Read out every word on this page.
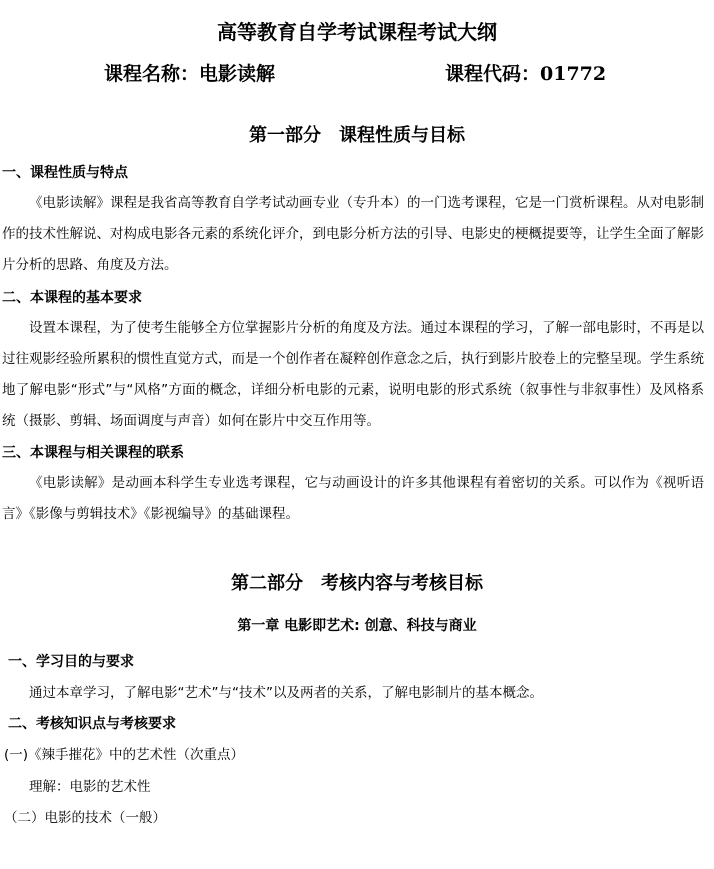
高等教育自学考试课程考试大纲
课程名称：电影读解	课程代码：01772
第一部分　课程性质与目标
一、课程性质与特点
《电影读解》课程是我省高等教育自学考试动画专业（专升本）的一门选考课程，它是一门赏析课程。从对电影制作的技术性解说、对构成电影各元素的系统化评介，到电影分析方法的引导、电影史的梗概提要等，让学生全面了解影片分析的思路、角度及方法。
二、本课程的基本要求
设置本课程，为了使考生能够全方位掌握影片分析的角度及方法。通过本课程的学习，了解一部电影时，不再是以过往观影经验所累积的惯性直觉方式，而是一个创作者在凝粹创作意念之后，执行到影片胶卷上的完整呈现。学生系统地了解电影“形式”与“风格”方面的概念，详细分析电影的元素，说明电影的形式系统（叙事性与非叙事性）及风格系统（摄影、剪辑、场面调度与声音）如何在影片中交互作用等。
三、本课程与相关课程的联系
《电影读解》是动画本科学生专业选考课程，它与动画设计的许多其他课程有着密切的关系。可以作为《视听语言》《影像与剪辑技术》《影视编导》的基础课程。
第二部分　考核内容与考核目标
第一章 电影即艺术: 创意、科技与商业
一、学习目的与要求
通过本章学习，了解电影“艺术”与“技术”以及两者的关系，了解电影制片的基本概念。
二、考核知识点与考核要求
(一)《辣手摧花》中的艺术性（次重点）
理解：电影的艺术性
（二）电影的技术（一般）
